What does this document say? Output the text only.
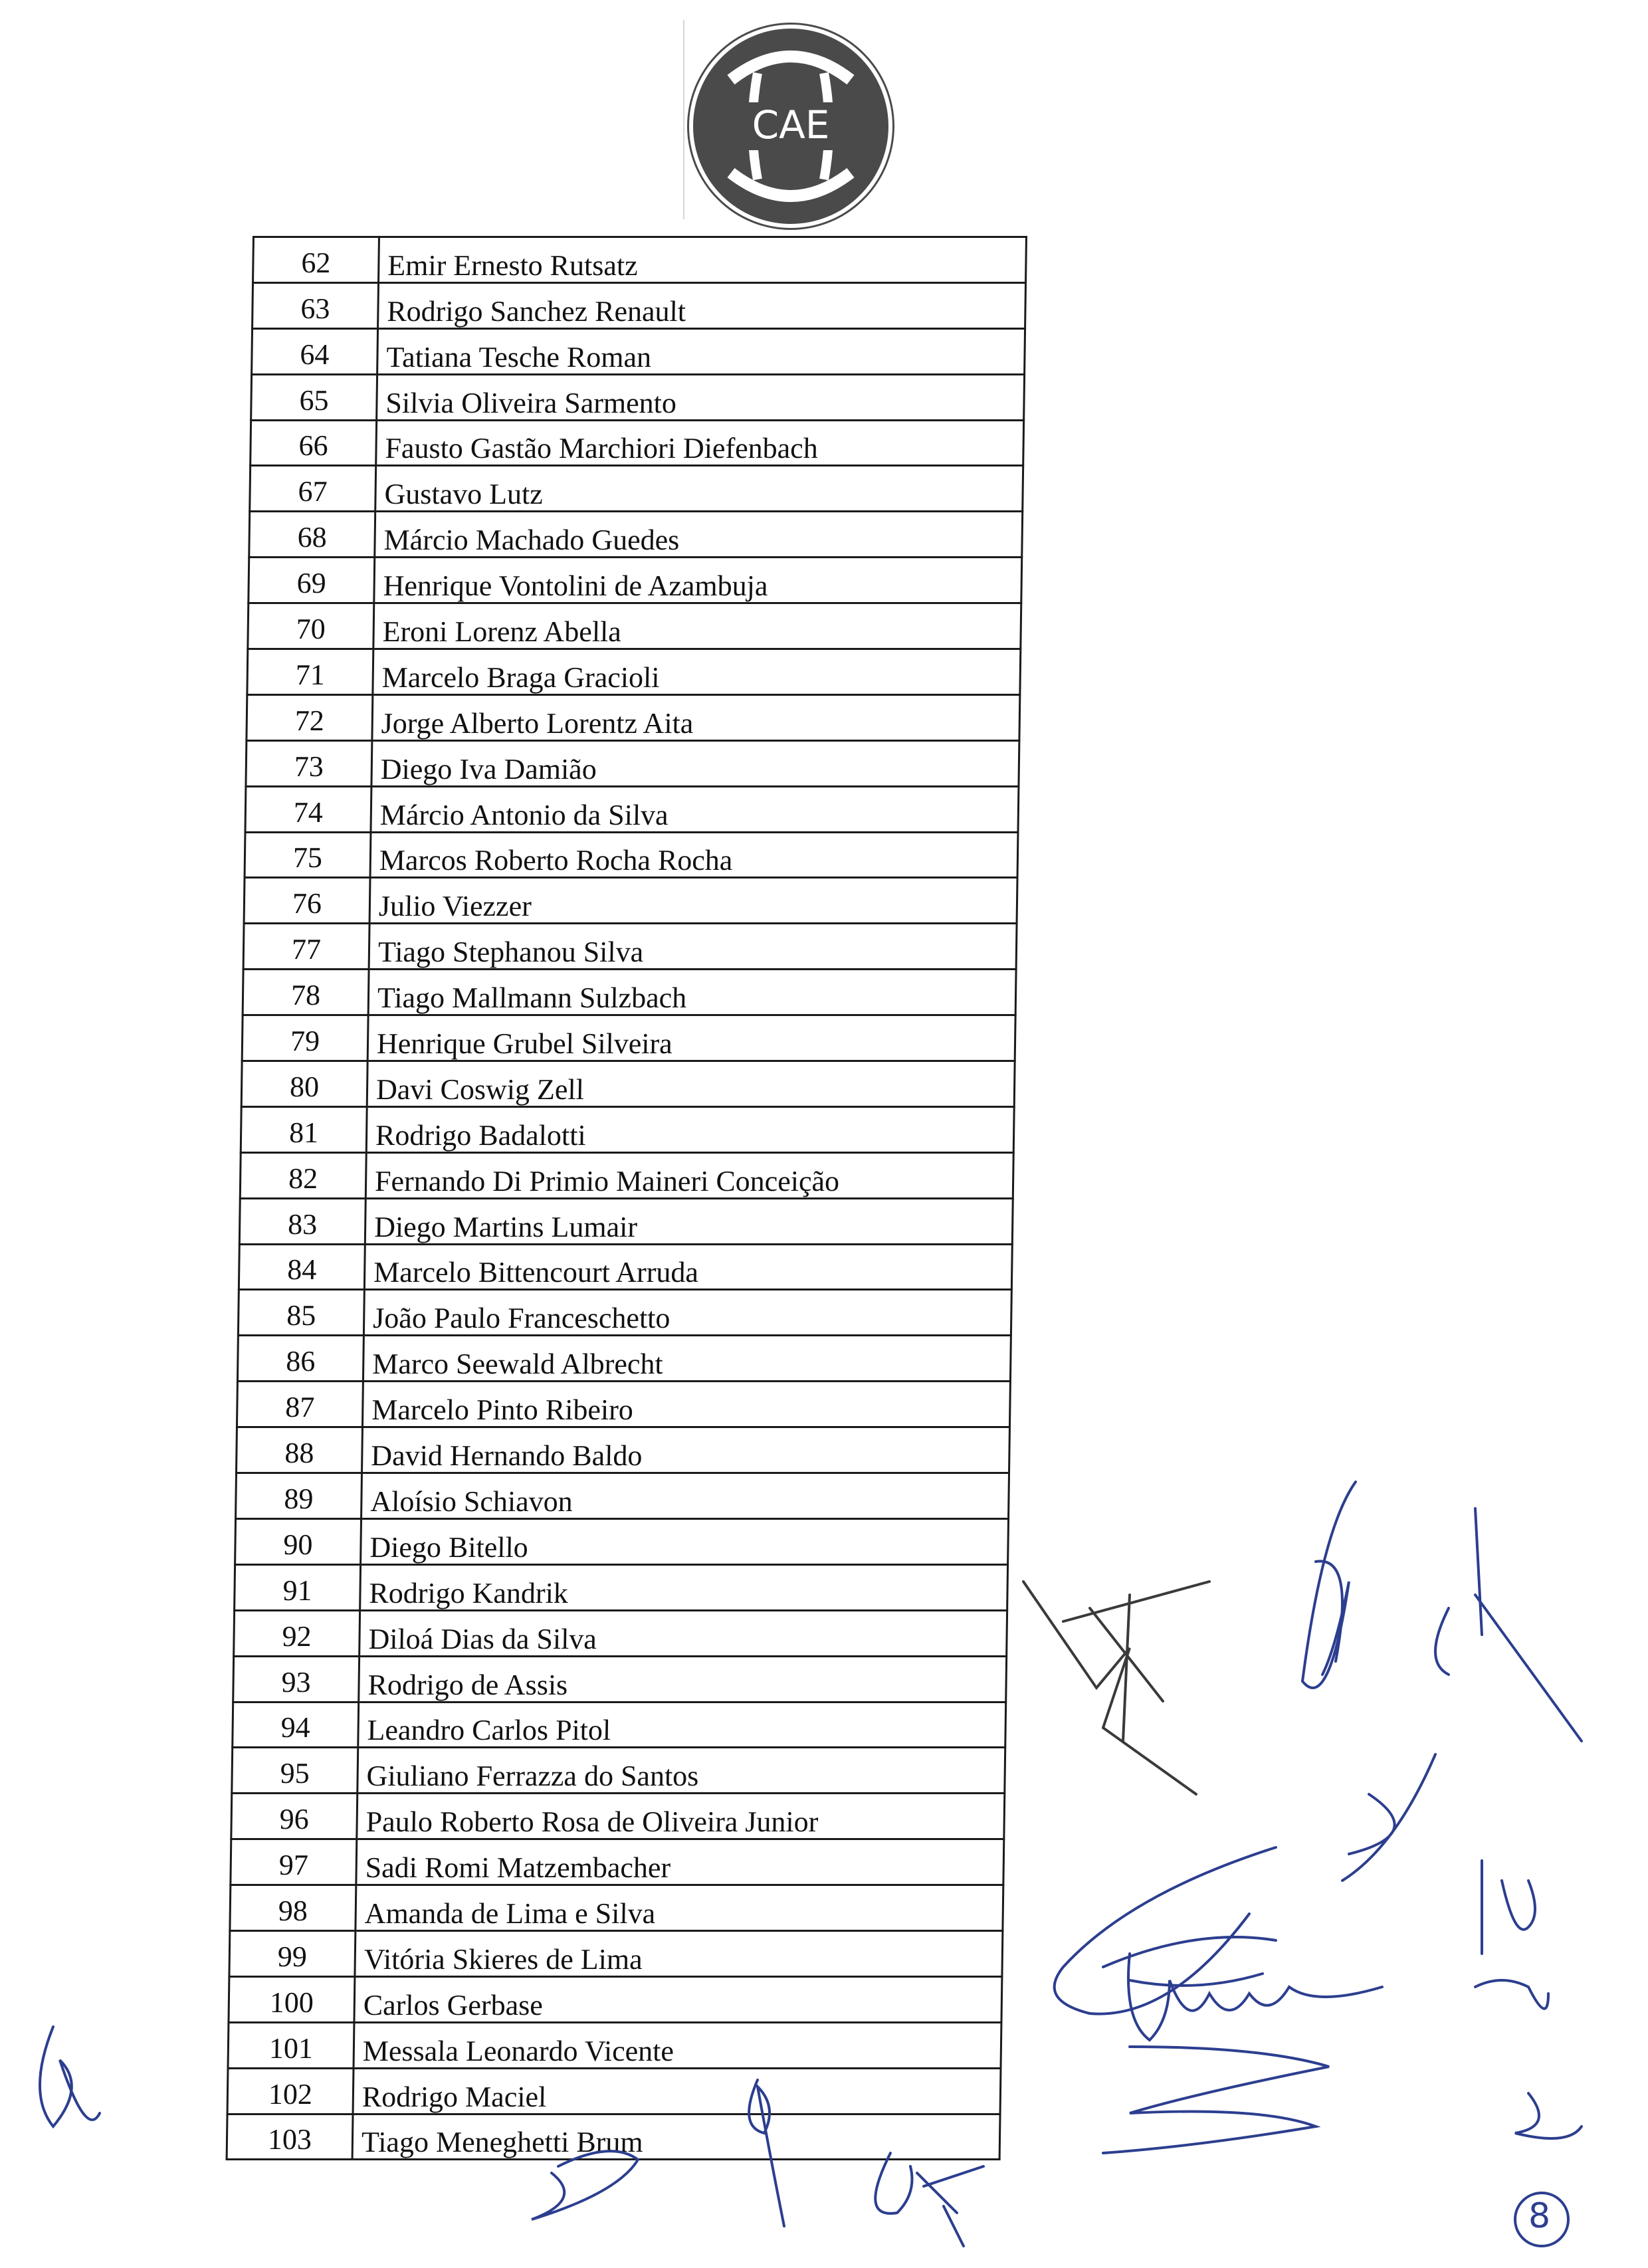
CAE
62	Emir Ernesto Rutsatz
63	Rodrigo Sanchez Renault
64	Tatiana Tesche Roman
65	Silvia Oliveira Sarmento
66	Fausto Gastão Marchiori Diefenbach
67	Gustavo Lutz
68	Márcio Machado Guedes
69	Henrique Vontolini de Azambuja
70	Eroni Lorenz Abella
71	Marcelo Braga Gracioli
72	Jorge Alberto Lorentz Aita
73	Diego Iva Damião
74	Márcio Antonio da Silva
75	Marcos Roberto Rocha Rocha
76	Julio Viezzer
77	Tiago Stephanou Silva
78	Tiago Mallmann Sulzbach
79	Henrique Grubel Silveira
80	Davi Coswig Zell
81	Rodrigo Badalotti
82	Fernando Di Primio Maineri Conceição
83	Diego Martins Lumair
84	Marcelo Bittencourt Arruda
85	João Paulo Franceschetto
86	Marco Seewald Albrecht
87	Marcelo Pinto Ribeiro
88	David Hernando Baldo
89	Aloísio Schiavon
90	Diego Bitello
91	Rodrigo Kandrik
92	Diloá Dias da Silva
93	Rodrigo de Assis
94	Leandro Carlos Pitol
95	Giuliano Ferrazza do Santos
96	Paulo Roberto Rosa de Oliveira Junior
97	Sadi Romi Matzembacher
98	Amanda de Lima e Silva
99	Vitória Skieres de Lima
100	Carlos Gerbase
101	Messala Leonardo Vicente
102	Rodrigo Maciel
103	Tiago Meneghetti Brum
8
